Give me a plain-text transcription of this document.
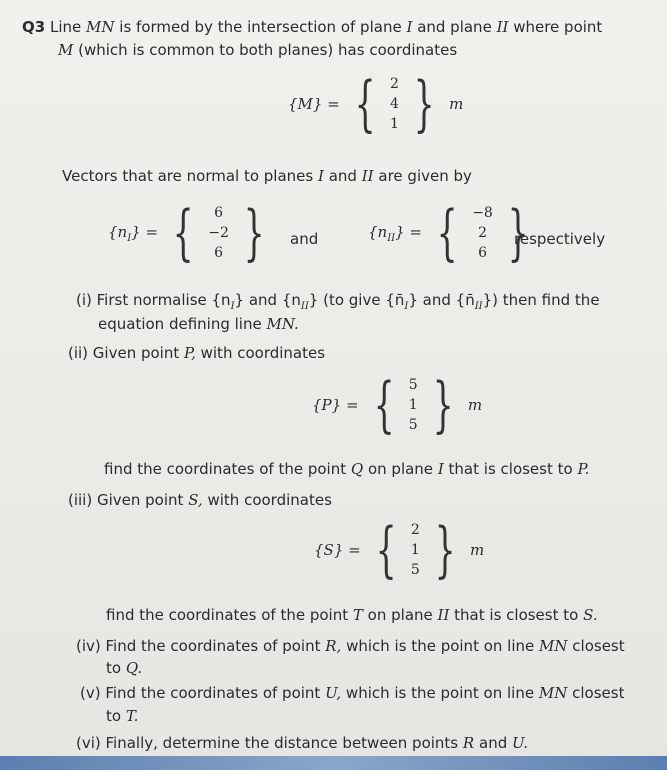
Q3 Line MN is formed by the intersection of plane I and plane II where point
M (which is common to both planes) has coordinates
{M} = { 2
4
1 } m
Vectors that are normal to planes I and II are given by
$\{n_I\}$ = { 6
−2
6 } and	$\{n_{II}\}$ = { −8
2
6 }
respectively
(i) First normalise $\{n_I\}$ and $\{n_{II}\}$ (to give $\{n̄_I\}$ and $\{n̄_{II}\}$) then find the
equation defining line MN.
(ii) Given point P, with coordinates
{P} = { 5
1
5 } m
find the coordinates of the point Q on plane I that is closest to P.
(iii) Given point S, with coordinates
{S} = { 2
1
5 } m
find the coordinates of the point T on plane II that is closest to S.
(iv) Find the coordinates of point R, which is the point on line MN closest
to Q.
(v) Find the coordinates of point U, which is the point on line MN closest
to T.
(vi) Finally, determine the distance between points R and U.
